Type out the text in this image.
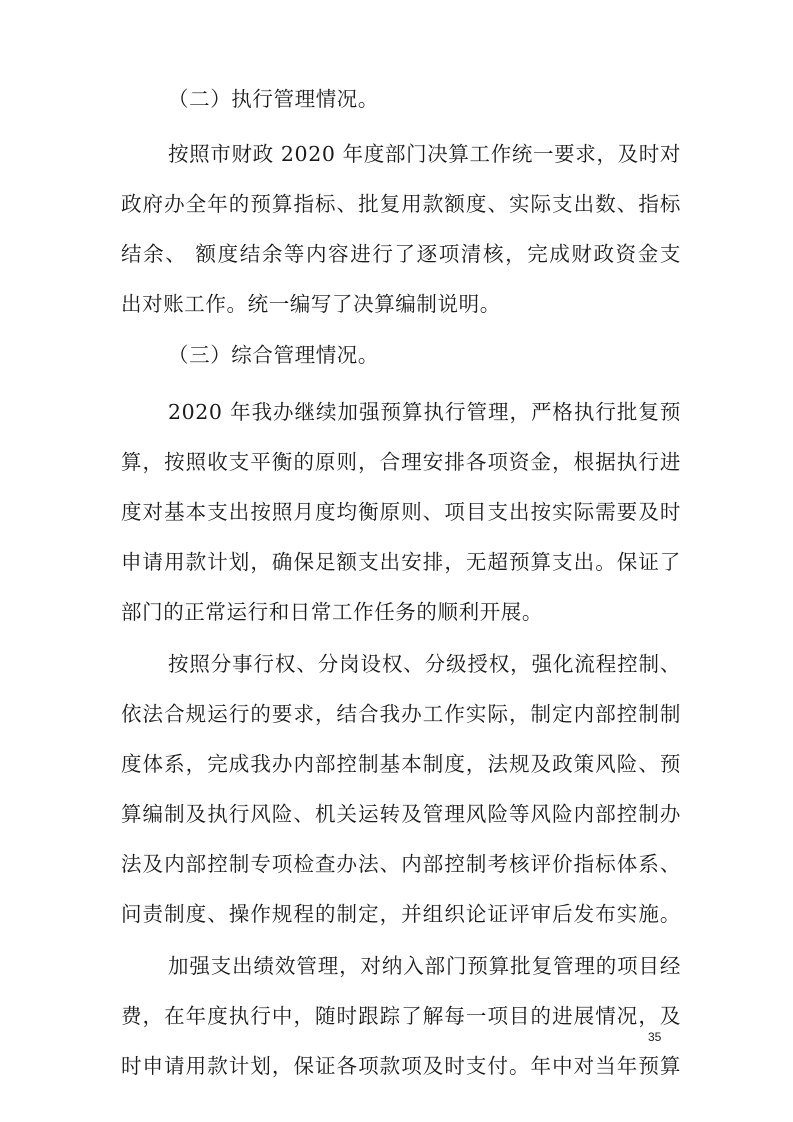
（二）执行管理情况。
按照市财政 2020 年度部门决算工作统一要求，及时对
政府办全年的预算指标、批复用款额度、实际支出数、指标
结余、 额度结余等内容进行了逐项清核，完成财政资金支
出对账工作。统一编写了决算编制说明。
（三）综合管理情况。
2020 年我办继续加强预算执行管理，严格执行批复预
算，按照收支平衡的原则，合理安排各项资金，根据执行进
度对基本支出按照月度均衡原则、项目支出按实际需要及时
申请用款计划，确保足额支出安排，无超预算支出。保证了
部门的正常运行和日常工作任务的顺利开展。
按照分事行权、分岗设权、分级授权，强化流程控制、
依法合规运行的要求，结合我办工作实际，制定内部控制制
度体系，完成我办内部控制基本制度，法规及政策风险、预
算编制及执行风险、机关运转及管理风险等风险内部控制办
法及内部控制专项检查办法、内部控制考核评价指标体系、
问责制度、操作规程的制定，并组织论证评审后发布实施。
加强支出绩效管理，对纳入部门预算批复管理的项目经
费，在年度执行中，随时跟踪了解每一项目的进展情况，及
时申请用款计划，保证各项款项及时支付。年中对当年预算
35
